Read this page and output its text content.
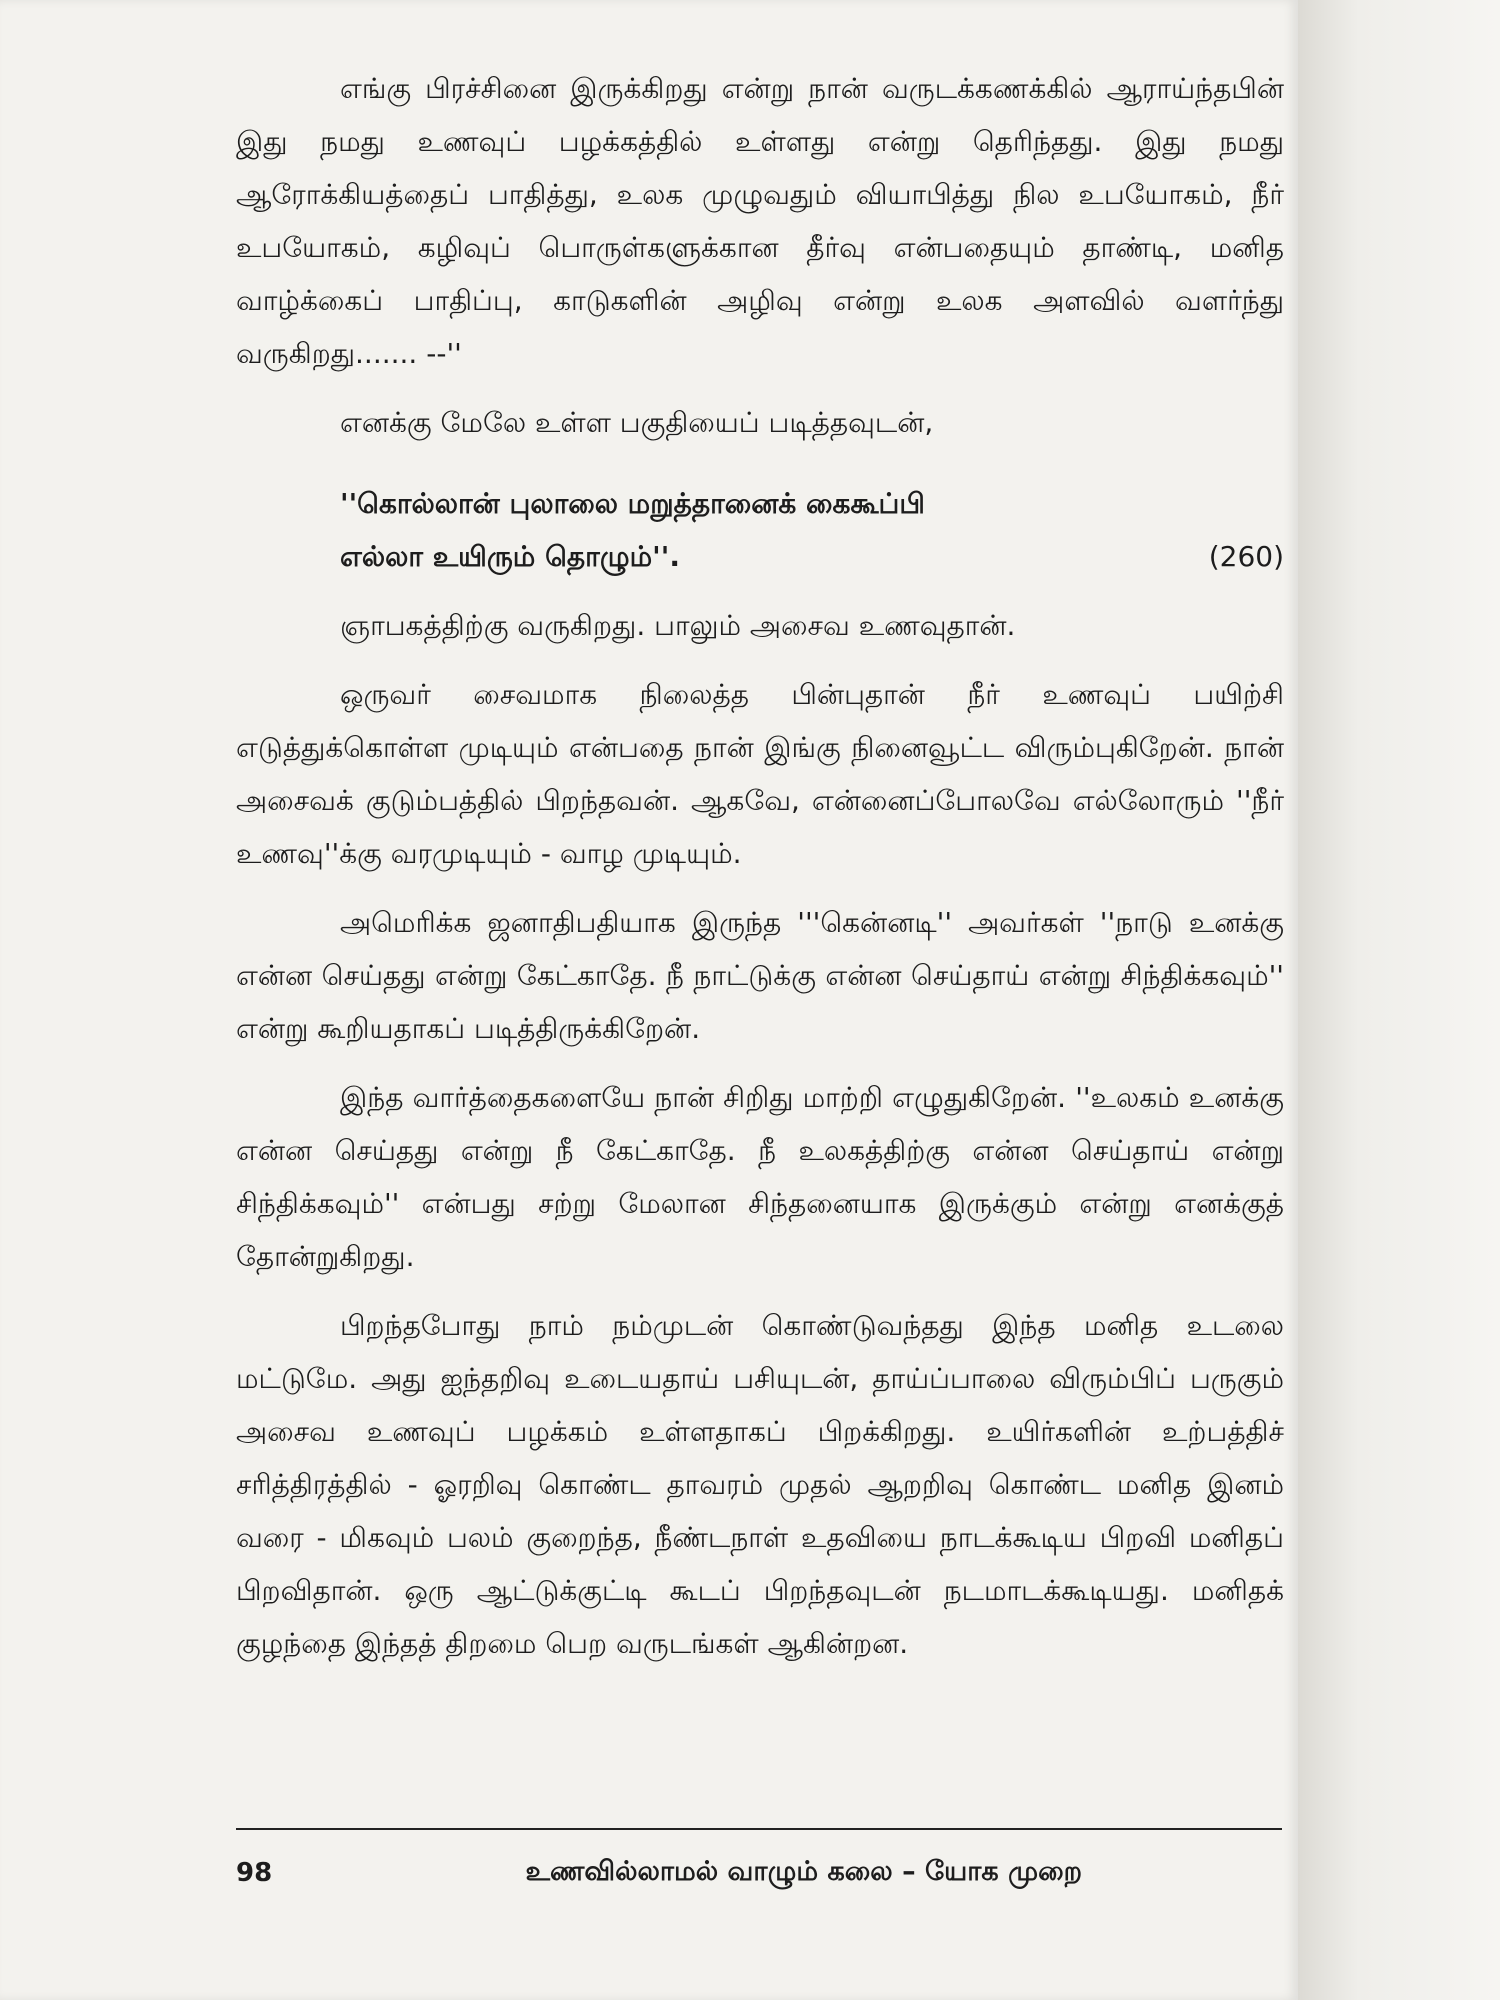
எங்கு பிரச்சினை இருக்கிறது என்று நான் வருடக்கணக்கில் ஆராய்ந்தபின் இது நமது உணவுப் பழக்கத்தில் உள்ளது என்று தெரிந்தது. இது நமது ஆரோக்கியத்தைப் பாதித்து, உலக முழுவதும் வியாபித்து நில உபயோகம், நீர் உபயோகம், கழிவுப் பொருள்களுக்கான தீர்வு என்பதையும் தாண்டி, மனித வாழ்க்கைப் பாதிப்பு, காடுகளின் அழிவு என்று உலக அளவில் வளர்ந்து வருகிறது....... --''

எனக்கு மேலே உள்ள பகுதியைப் படித்தவுடன்,

''கொல்லான் புலாலை மறுத்தானைக் கைகூப்பி
எல்லா உயிரும் தொழும்''.	(260)

ஞாபகத்திற்கு வருகிறது. பாலும் அசைவ உணவுதான்.

ஒருவர் சைவமாக நிலைத்த பின்புதான் நீர் உணவுப் பயிற்சி எடுத்துக்கொள்ள முடியும் என்பதை நான் இங்கு நினைவூட்ட விரும்புகிறேன். நான் அசைவக் குடும்பத்தில் பிறந்தவன். ஆகவே, என்னைப்போலவே எல்லோரும் ''நீர் உணவு''க்கு வரமுடியும் - வாழ முடியும்.

அமெரிக்க ஜனாதிபதியாக இருந்த '''கென்னடி'' அவர்கள் ''நாடு உனக்கு என்ன செய்தது என்று கேட்காதே. நீ நாட்டுக்கு என்ன செய்தாய் என்று சிந்திக்கவும்'' என்று கூறியதாகப் படித்திருக்கிறேன்.

இந்த வார்த்தைகளையே நான் சிறிது மாற்றி எழுதுகிறேன். ''உலகம் உனக்கு என்ன செய்தது என்று நீ கேட்காதே. நீ உலகத்திற்கு என்ன செய்தாய் என்று சிந்திக்கவும்'' என்பது சற்று மேலான சிந்தனையாக இருக்கும் என்று எனக்குத் தோன்றுகிறது.

பிறந்தபோது நாம் நம்முடன் கொண்டுவந்தது இந்த மனித உடலை மட்டுமே. அது ஐந்தறிவு உடையதாய் பசியுடன், தாய்ப்பாலை விரும்பிப் பருகும் அசைவ உணவுப் பழக்கம் உள்ளதாகப் பிறக்கிறது. உயிர்களின் உற்பத்திச் சரித்திரத்தில் - ஓரறிவு கொண்ட தாவரம் முதல் ஆறறிவு கொண்ட மனித இனம் வரை - மிகவும் பலம் குறைந்த, நீண்டநாள் உதவியை நாடக்கூடிய பிறவி மனிதப் பிறவிதான். ஒரு ஆட்டுக்குட்டி கூடப் பிறந்தவுடன் நடமாடக்கூடியது. மனிதக் குழந்தை இந்தத் திறமை பெற வருடங்கள் ஆகின்றன.

98	உணவில்லாமல் வாழும் கலை – யோக முறை
